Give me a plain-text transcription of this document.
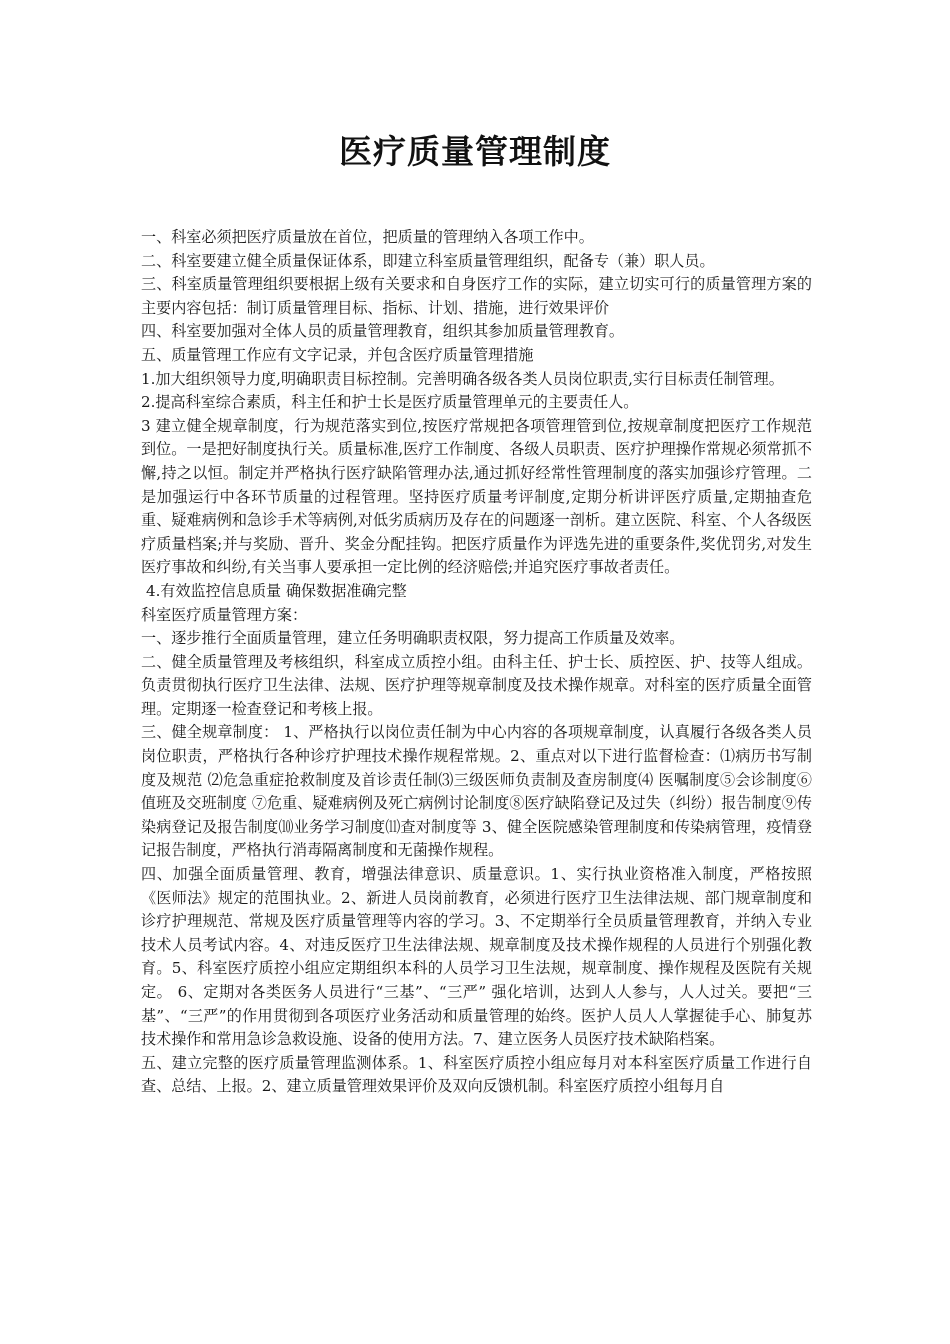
医疗质量管理制度

一、科室必须把医疗质量放在首位，把质量的管理纳入各项工作中。

二、科室要建立健全质量保证体系，即建立科室质量管理组织，配备专（兼）职人员。

三、科室质量管理组织要根据上级有关要求和自身医疗工作的实际，建立切实可行的质量管理方案的主要内容包括：制订质量管理目标、指标、计划、措施，进行效果评价

四、科室要加强对全体人员的质量管理教育，组织其参加质量管理教育。

五、质量管理工作应有文字记录，并包含医疗质量管理措施

1.加大组织领导力度,明确职责目标控制。完善明确各级各类人员岗位职责,实行目标责任制管理。

2.提高科室综合素质，科主任和护士长是医疗质量管理单元的主要责任人。

3 建立健全规章制度，行为规范落实到位,按医疗常规把各项管理管到位,按规章制度把医疗工作规范到位。一是把好制度执行关。质量标准,医疗工作制度、各级人员职责、医疗护理操作常规必须常抓不懈,持之以恒。制定并严格执行医疗缺陷管理办法,通过抓好经常性管理制度的落实加强诊疗管理。二是加强运行中各环节质量的过程管理。坚持医疗质量考评制度,定期分析讲评医疗质量,定期抽查危重、疑难病例和急诊手术等病例,对低劣质病历及存在的问题逐一剖析。建立医院、科室、个人各级医疗质量档案;并与奖励、晋升、奖金分配挂钩。把医疗质量作为评选先进的重要条件,奖优罚劣,对发生医疗事故和纠纷,有关当事人要承担一定比例的经济赔偿;并追究医疗事故者责任。

4.有效监控信息质量 确保数据准确完整

科室医疗质量管理方案：

一、逐步推行全面质量管理，建立任务明确职责权限，努力提高工作质量及效率。

二、健全质量管理及考核组织，科室成立质控小组。由科主任、护士长、质控医、护、技等人组成。负责贯彻执行医疗卫生法律、法规、医疗护理等规章制度及技术操作规章。对科室的医疗质量全面管理。定期逐一检查登记和考核上报。

三、健全规章制度： 1、严格执行以岗位责任制为中心内容的各项规章制度，认真履行各级各类人员岗位职责，严格执行各种诊疗护理技术操作规程常规。2、重点对以下进行监督检查：⑴病历书写制度及规范 ⑵危急重症抢救制度及首诊责任制⑶三级医师负责制及查房制度⑷ 医嘱制度⑤会诊制度⑥值班及交班制度 ⑦危重、疑难病例及死亡病例讨论制度⑧医疗缺陷登记及过失（纠纷）报告制度⑨传染病登记及报告制度⑽业务学习制度⑾查对制度等 3、健全医院感染管理制度和传染病管理，疫情登记报告制度，严格执行消毒隔离制度和无菌操作规程。

四、加强全面质量管理、教育，增强法律意识、质量意识。1、实行执业资格准入制度，严格按照《医师法》规定的范围执业。2、新进人员岗前教育，必须进行医疗卫生法律法规、部门规章制度和诊疗护理规范、常规及医疗质量管理等内容的学习。3、不定期举行全员质量管理教育，并纳入专业技术人员考试内容。4、对违反医疗卫生法律法规、规章制度及技术操作规程的人员进行个别强化教育。5、科室医疗质控小组应定期组织本科的人员学习卫生法规，规章制度、操作规程及医院有关规定。 6、定期对各类医务人员进行“三基”、“三严” 强化培训，达到人人参与，人人过关。要把“三基”、“三严”的作用贯彻到各项医疗业务活动和质量管理的始终。医护人员人人掌握徒手心、肺复苏技术操作和常用急诊急救设施、设备的使用方法。7、建立医务人员医疗技术缺陷档案。

五、建立完整的医疗质量管理监测体系。1、科室医疗质控小组应每月对本科室医疗质量工作进行自查、总结、上报。2、建立质量管理效果评价及双向反馈机制。科室医疗质控小组每月自
